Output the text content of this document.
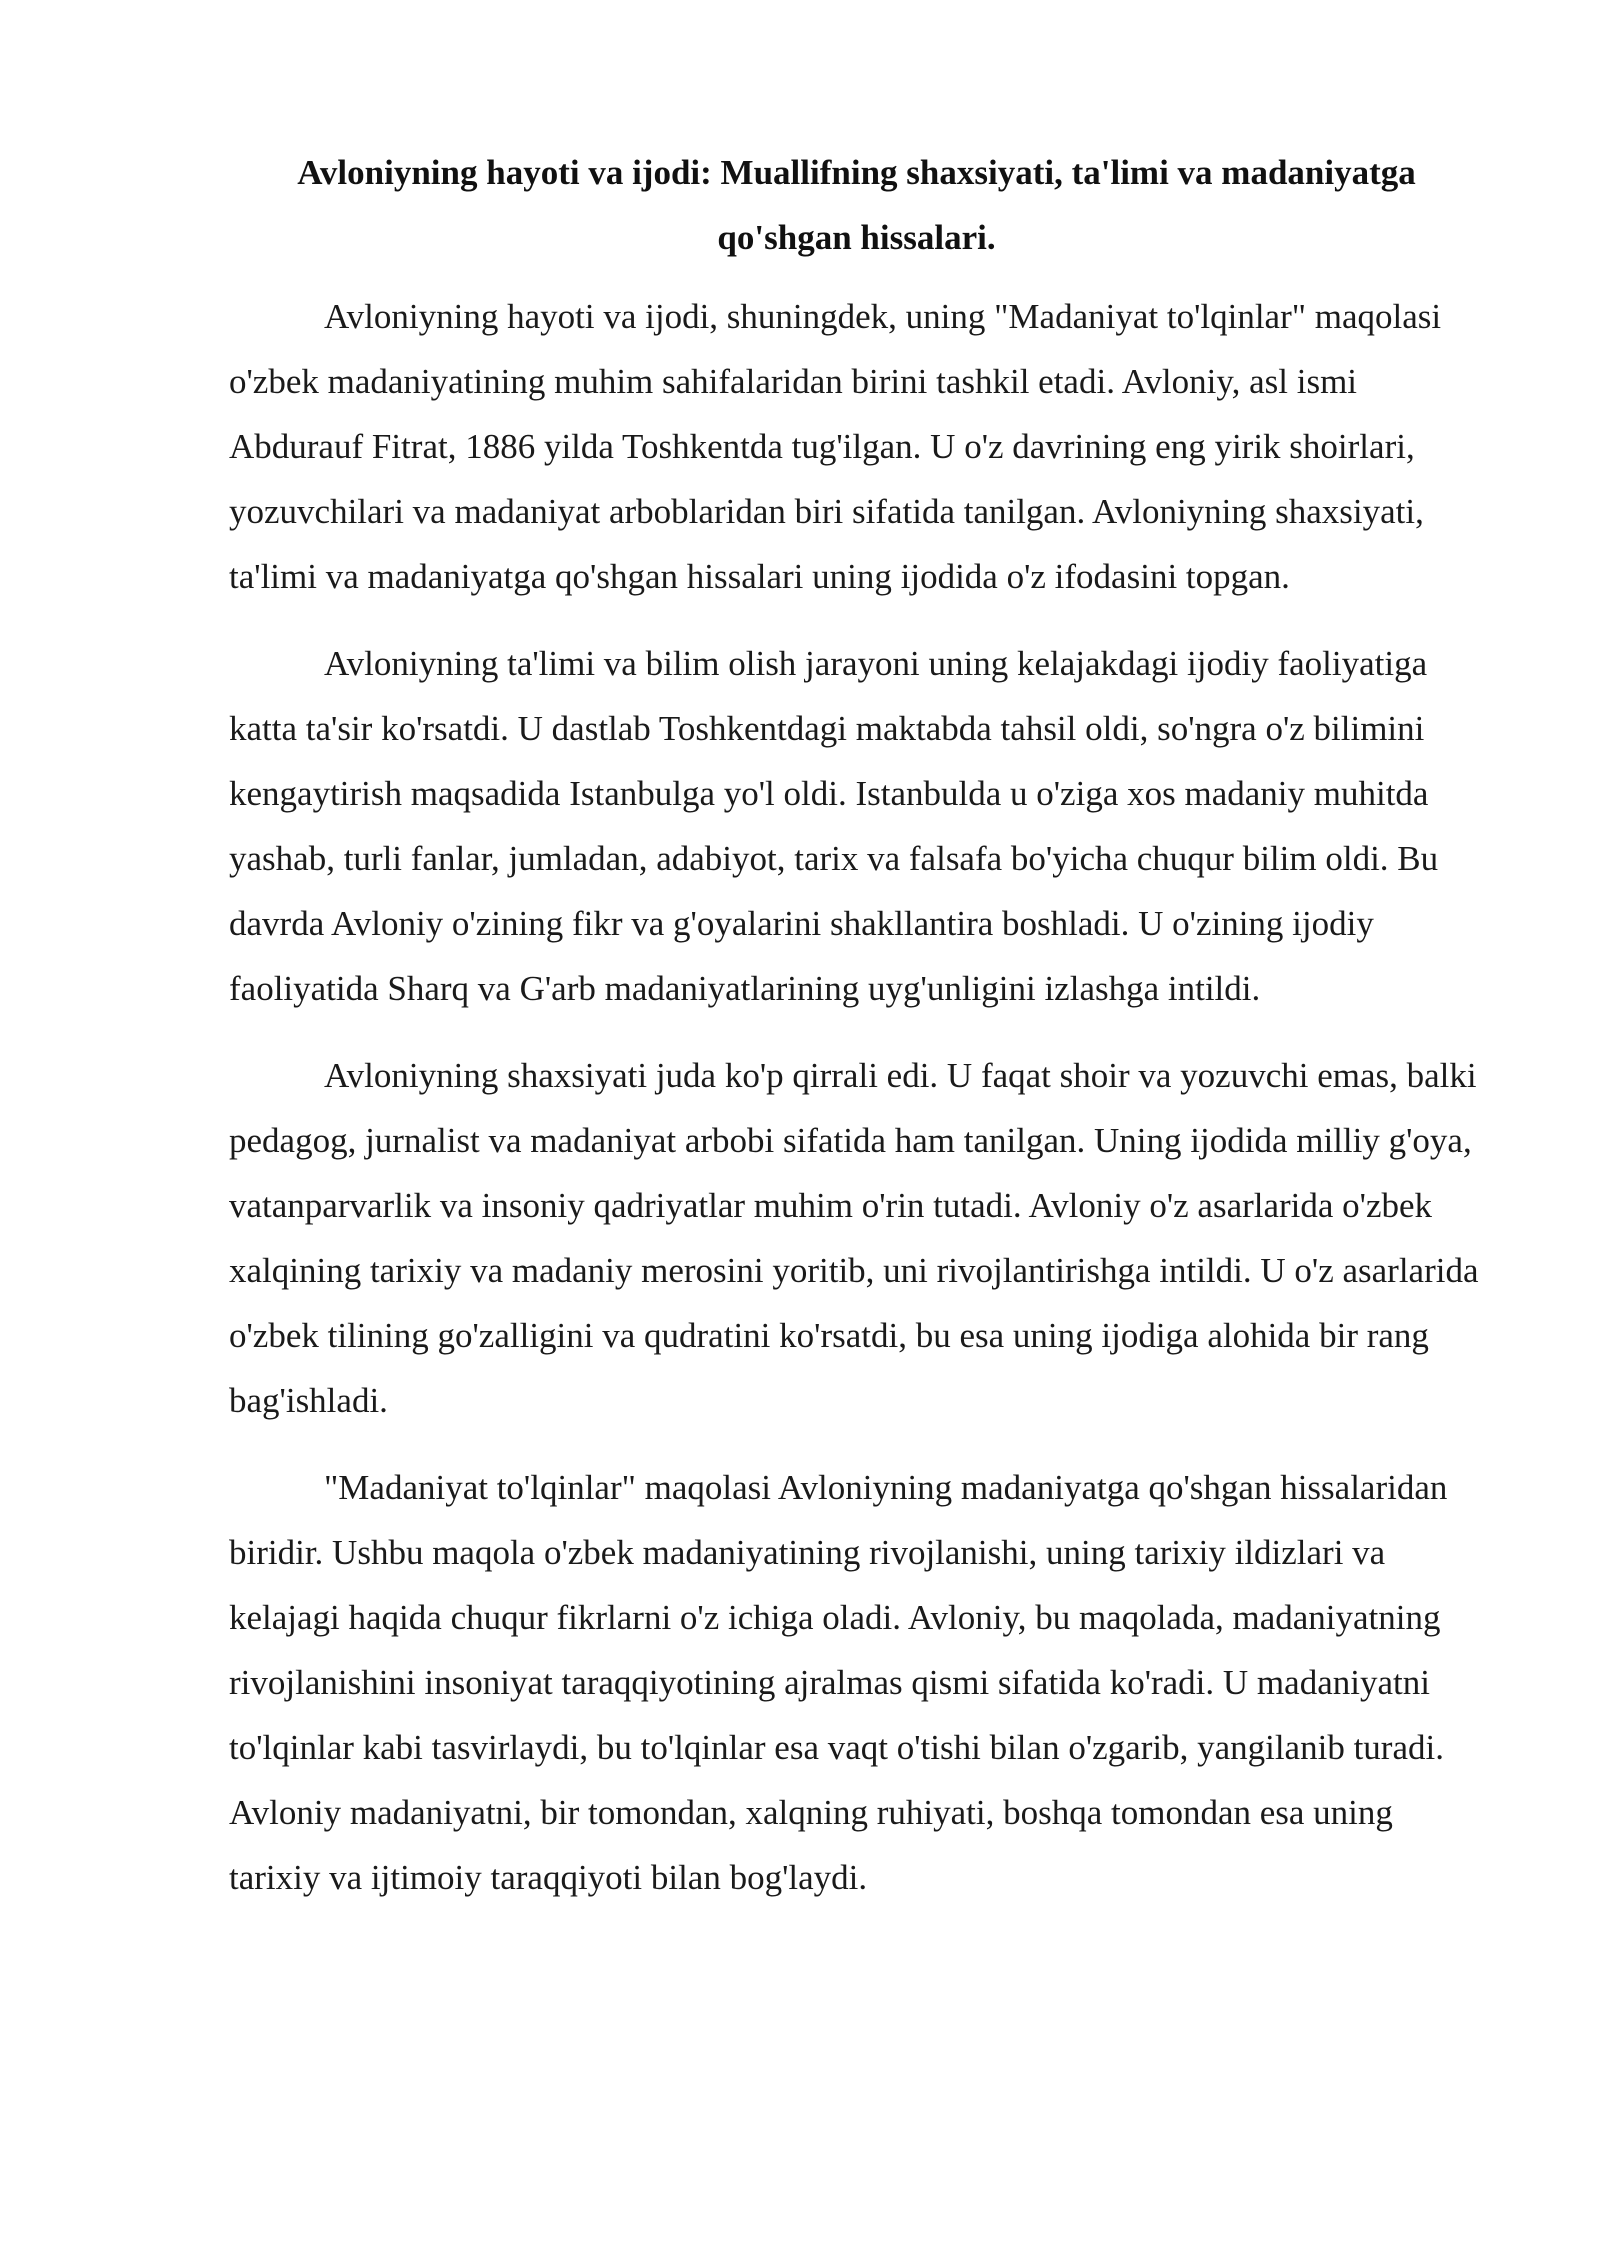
Avloniyning hayoti va ijodi: Muallifning shaxsiyati, ta'limi va madaniyatga qo'shgan hissalari.

Avloniyning hayoti va ijodi, shuningdek, uning "Madaniyat to'lqinlar" maqolasi o'zbek madaniyatining muhim sahifalaridan birini tashkil etadi. Avloniy, asl ismi Abdurauf Fitrat, 1886 yilda Toshkentda tug'ilgan. U o'z davrining eng yirik shoirlari, yozuvchilari va madaniyat arboblaridan biri sifatida tanilgan. Avloniyning shaxsiyati, ta'limi va madaniyatga qo'shgan hissalari uning ijodida o'z ifodasini topgan.

Avloniyning ta'limi va bilim olish jarayoni uning kelajakdagi ijodiy faoliyatiga katta ta'sir ko'rsatdi. U dastlab Toshkentdagi maktabda tahsil oldi, so'ngra o'z bilimini kengaytirish maqsadida Istanbulga yo'l oldi. Istanbulda u o'ziga xos madaniy muhitda yashab, turli fanlar, jumladan, adabiyot, tarix va falsafa bo'yicha chuqur bilim oldi. Bu davrda Avloniy o'zining fikr va g'oyalarini shakllantira boshladi. U o'zining ijodiy faoliyatida Sharq va G'arb madaniyatlarining uyg'unligini izlashga intildi.

Avloniyning shaxsiyati juda ko'p qirrali edi. U faqat shoir va yozuvchi emas, balki pedagog, jurnalist va madaniyat arbobi sifatida ham tanilgan. Uning ijodida milliy g'oya, vatanparvarlik va insoniy qadriyatlar muhim o'rin tutadi. Avloniy o'z asarlarida o'zbek xalqining tarixiy va madaniy merosini yoritib, uni rivojlantirishga intildi. U o'z asarlarida o'zbek tilining go'zalligini va qudratini ko'rsatdi, bu esa uning ijodiga alohida bir rang bag'ishladi.

"Madaniyat to'lqinlar" maqolasi Avloniyning madaniyatga qo'shgan hissalaridan biridir. Ushbu maqola o'zbek madaniyatining rivojlanishi, uning tarixiy ildizlari va kelajagi haqida chuqur fikrlarni o'z ichiga oladi. Avloniy, bu maqolada, madaniyatning rivojlanishini insoniyat taraqqiyotining ajralmas qismi sifatida ko'radi. U madaniyatni to'lqinlar kabi tasvirlaydi, bu to'lqinlar esa vaqt o'tishi bilan o'zgarib, yangilanib turadi. Avloniy madaniyatni, bir tomondan, xalqning ruhiyati, boshqa tomondan esa uning tarixiy va ijtimoiy taraqqiyoti bilan bog'laydi.
